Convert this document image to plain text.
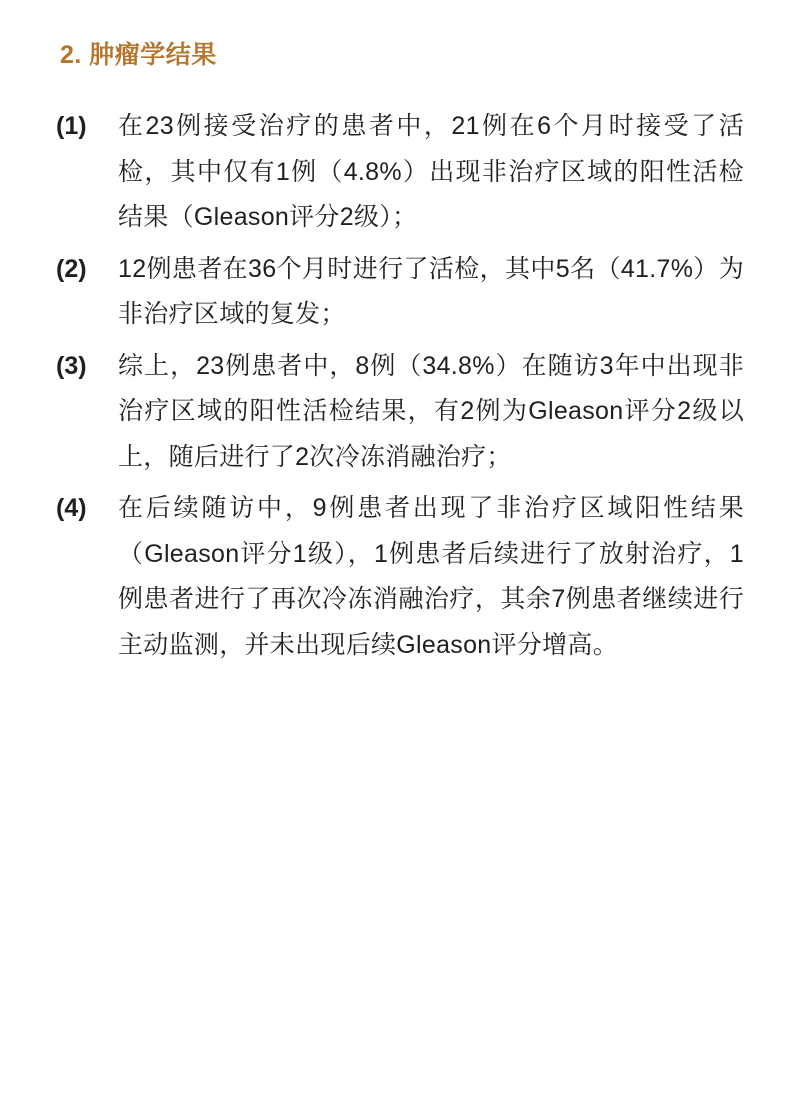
2. 肿瘤学结果
(1)	在23例接受治疗的患者中，21例在6个月时接受了活检，其中仅有1例（4.8%）出现非治疗区域的阳性活检结果（Gleason评分2级）；
(2)	12例患者在36个月时进行了活检，其中5名（41.7%）为非治疗区域的复发；
(3)	综上，23例患者中，8例（34.8%）在随访3年中出现非治疗区域的阳性活检结果，有2例为Gleason评分2级以上，随后进行了2次冷冻消融治疗；
(4)	在后续随访中，9例患者出现了非治疗区域阳性结果（Gleason评分1级），1例患者后续进行了放射治疗，1例患者进行了再次冷冻消融治疗，其余7例患者继续进行主动监测，并未出现后续Gleason评分增高。
